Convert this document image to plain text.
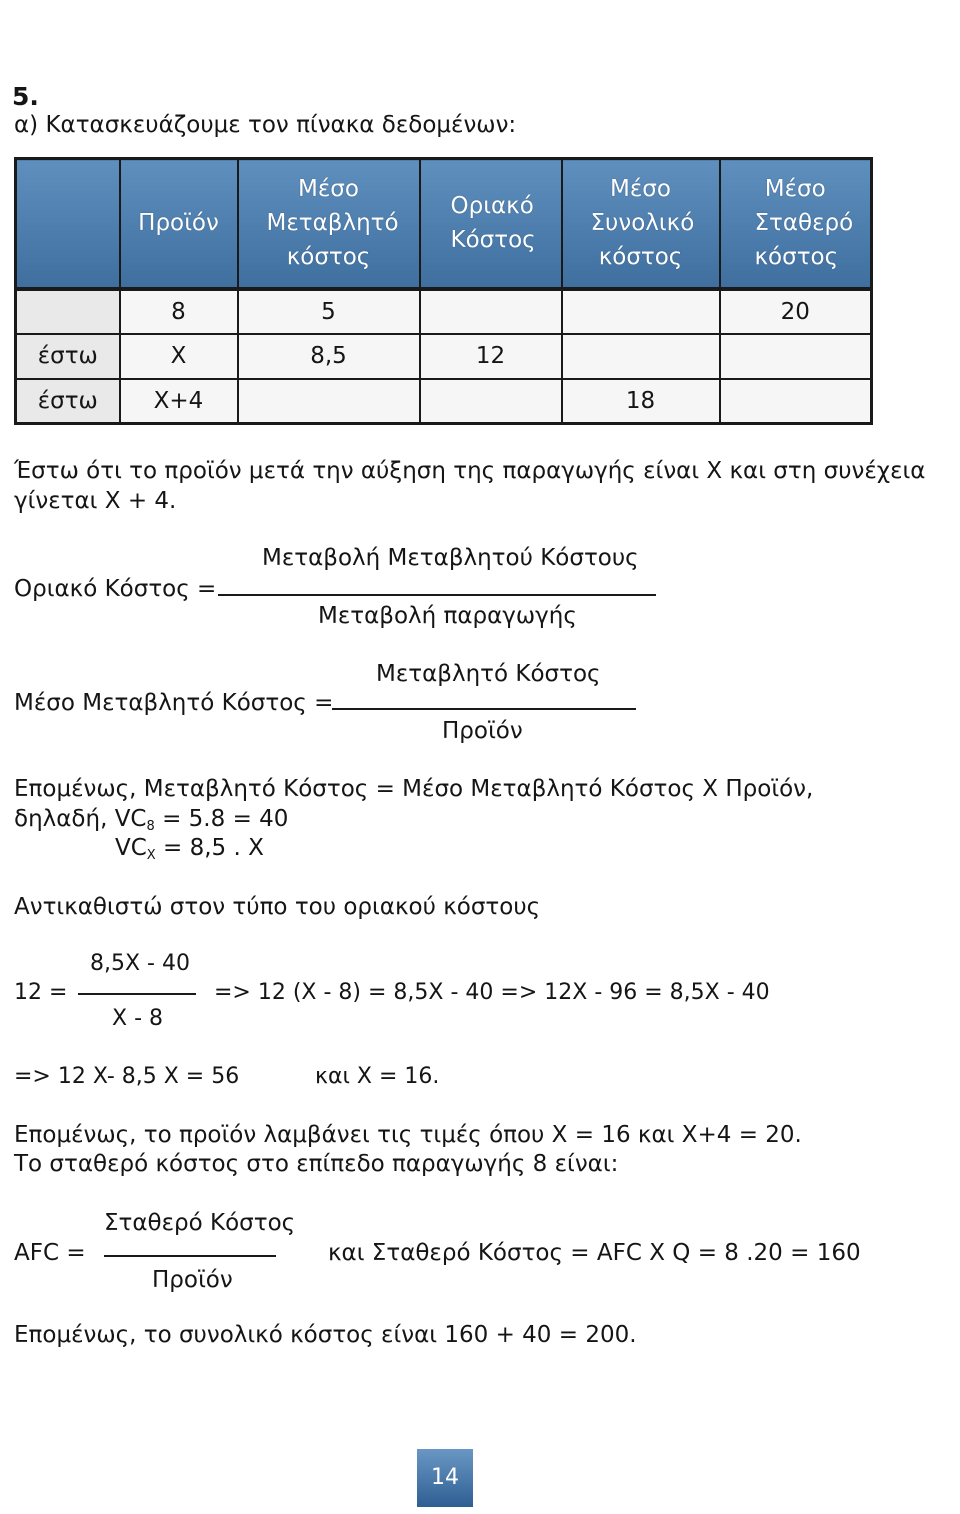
5.
α) Κατασκευάζουμε τον πίνακα δεδομένων:
	Προϊόν	Μέσο Μεταβλητό κόστος	Οριακό Κόστος	Μέσο Συνολικό κόστος	Μέσο Σταθερό κόστος
	8	5			20
έστω	X	8,5	12		
έστω	X+4			18	
Έστω ότι το προϊόν μετά την αύξηση της παραγωγής είναι X και στη συνέχεια
γίνεται X + 4.
Οριακό Κόστος =
Μεταβολή Μεταβλητού Κόστους
Μεταβολή παραγωγής
Μέσο Μεταβλητό Κόστος =
Μεταβλητό Κόστος
Προϊόν
Επομένως, Μεταβλητό Κόστος = Μέσο Μεταβλητό Κόστος X Προϊόν,
δηλαδή, $VC_8 = 5.8 = 40$
$VC_X = 8,5$ . X
Αντικαθιστώ στον τύπο του οριακού κόστους
12 =
8,5X - 40
X - 8
=> 12 (X - 8) = 8,5X - 40 => 12X - 96 = 8,5X - 40
=> 12 X- 8,5 X = 56	και X = 16.
Επομένως, το προϊόν λαμβάνει τις τιμές όπου X = 16 και X+4 = 20.
Το σταθερό κόστος στο επίπεδο παραγωγής 8 είναι:
AFC =
Σταθερό Κόστος
Προϊόν
και Σταθερό Κόστος = AFC X Q = 8 .20 = 160
Επομένως, το συνολικό κόστος είναι 160 + 40 = 200.
14
